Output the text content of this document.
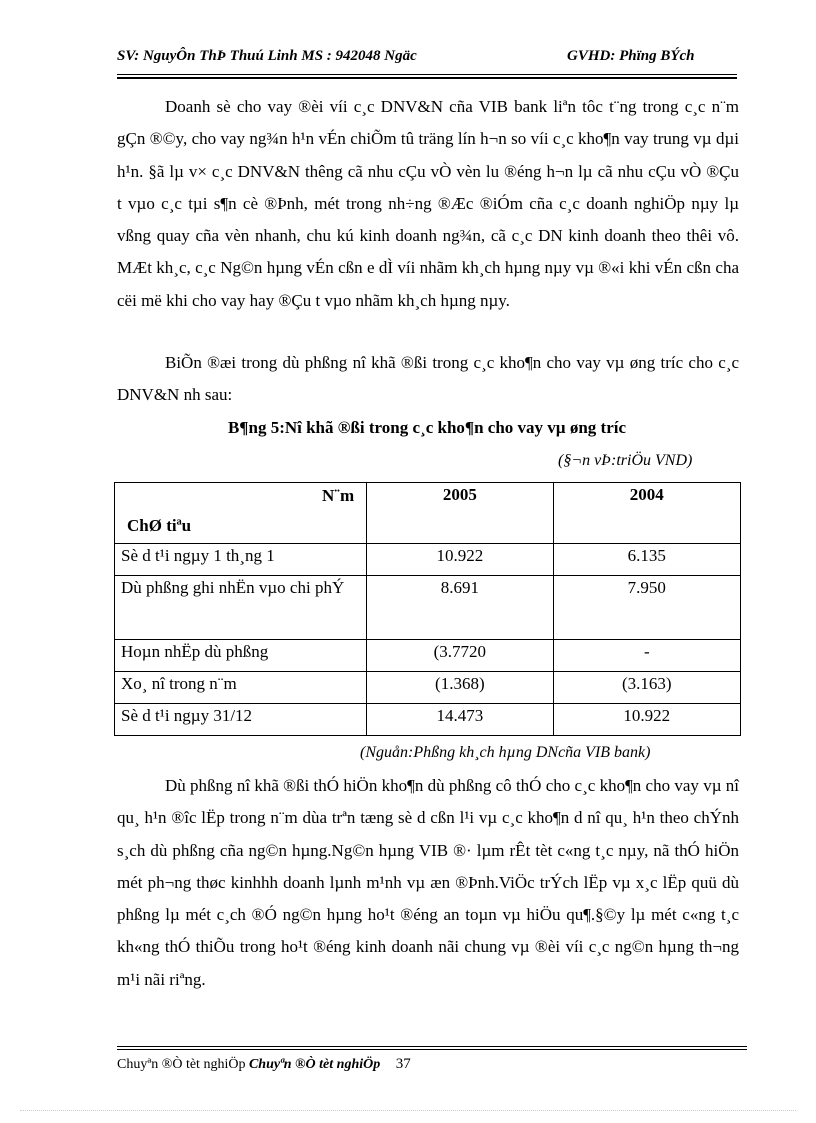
SV: NguyÔn ThÞ Thuú Linh MS : 942048 Ngäc	GVHD: Phïng BÝch
Doanh sè cho vay ®èi víi c¸c DNV&N cña VIB bank liªn tôc t¨ng trong c¸c n¨m gÇn ®©y, cho vay ng¾n h¹n vÉn chiÕm tû träng lín h¬n so víi c¸c kho¶n vay trung vµ dµi h¹n. §ã lµ v× c¸c DNV&N thêng cã nhu cÇu vÒ vèn lu ®éng h¬n lµ cã nhu cÇu vÒ ®Çu t vµo c¸c tµi s¶n cè ®Þnh, mét trong nh÷ng ®Æc ®iÓm cña c¸c doanh nghiÖp nµy lµ vßng quay cña vèn nhanh, chu kú kinh doanh ng¾n, cã c¸c DN kinh doanh theo thêi vô. MÆt kh¸c, c¸c Ng©n hµng vÉn cßn e dÌ víi nhãm kh¸ch hµng nµy vµ ®«i khi vÉn cßn cha cëi më khi cho vay hay ®Çu t vµo nhãm kh¸ch hµng nµy.
BiÕn ®æi trong dù phßng nî khã ®ßi trong c¸c kho¶n cho vay vµ øng tríc cho c¸c DNV&N nh sau:
B¶ng 5:Nî khã ®ßi trong c¸c kho¶n cho vay vµ øng tríc
(§¬n vÞ:triÖu VND)
N¨m
ChØ tiªu	2005	2004
Sè d t¹i ngµy 1 th¸ng 1	10.922	6.135
Dù phßng ghi nhËn vµo chi phÝ	8.691	7.950
Hoµn nhËp dù phßng	(3.7720	-
Xo¸ nî trong n¨m	(1.368)	(3.163)
Sè d t¹i ngµy 31/12	14.473	10.922
(Nguån:Phßng kh¸ch hµng DNcña VIB bank)
Dù phßng nî khã ®ßi thÓ hiÖn kho¶n dù phßng cô thÓ cho c¸c kho¶n cho vay vµ nî qu¸ h¹n ®îc lËp trong n¨m dùa trªn tæng sè d cßn l¹i vµ c¸c kho¶n d nî qu¸ h¹n theo chÝnh s¸ch dù phßng cña ng©n hµng.Ng©n hµng VIB ®· lµm rÊt tèt c«ng t¸c nµy, nã thÓ hiÖn mét ph¬ng thøc kinhhh doanh lµnh m¹nh vµ æn ®Þnh.ViÖc trÝch lËp vµ x¸c lËp quü dù phßng lµ mét c¸ch ®Ó ng©n hµng ho¹t ®éng an toµn vµ hiÖu qu¶.§©y lµ mét c«ng t¸c kh«ng thÓ thiÕu trong ho¹t ®éng kinh doanh nãi chung vµ ®èi víi c¸c ng©n hµng th¬ng m¹i nãi riªng.
Chuyªn ®Ò tèt nghiÖp Chuyªn ®Ò tèt nghiÖp 37
